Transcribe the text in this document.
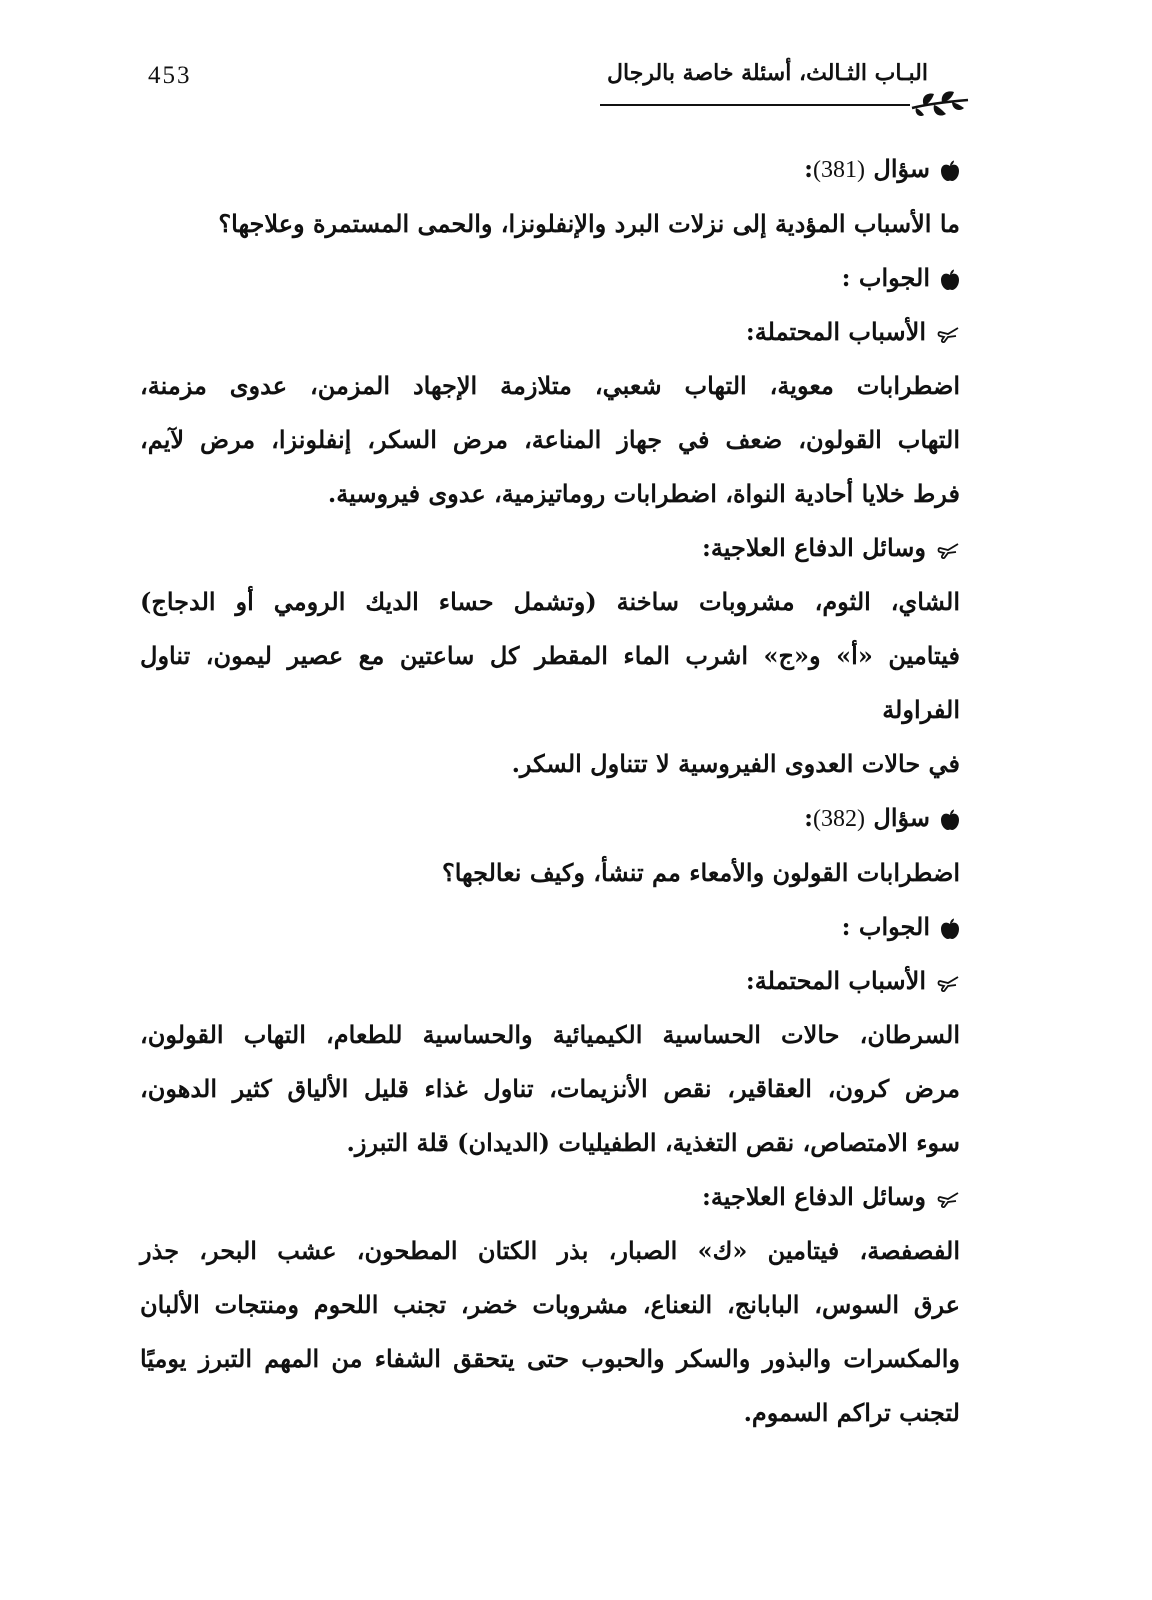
453	البـاب الثـالث، أسئلة خاصة بالرجال

سؤال (381):

ما الأسباب المؤدية إلى نزلات البرد والإنفلونزا، والحمى المستمرة وعلاجها؟

الجواب :

الأسباب المحتملة:

اضطرابات معوية، التهاب شعبي، متلازمة الإجهاد المزمن، عدوى مزمنة،

التهاب القولون، ضعف في جهاز المناعة، مرض السكر، إنفلونزا، مرض لآيم،

فرط خلايا أحادية النواة، اضطرابات روماتيزمية، عدوى فيروسية.

وسائل الدفاع العلاجية:

الشاي، الثوم، مشروبات ساخنة (وتشمل حساء الديك الرومي أو الدجاج)

فيتامين «أ» و«ج» اشرب الماء المقطر كل ساعتين مع عصير ليمون، تناول الفراولة

في حالات العدوى الفيروسية لا تتناول السكر.

سؤال (382):

اضطرابات القولون والأمعاء مم تنشأ، وكيف نعالجها؟

الجواب :

الأسباب المحتملة:

السرطان، حالات الحساسية الكيميائية والحساسية للطعام، التهاب القولون،

مرض كرون، العقاقير، نقص الأنزيمات، تناول غذاء قليل الألياق كثير الدهون،

سوء الامتصاص، نقص التغذية، الطفيليات (الديدان) قلة التبرز.

وسائل الدفاع العلاجية:

الفصفصة، فيتامين «ك» الصبار، بذر الكتان المطحون، عشب البحر، جذر

عرق السوس، البابانج، النعناع، مشروبات خضر، تجنب اللحوم ومنتجات الألبان

والمكسرات والبذور والسكر والحبوب حتى يتحقق الشفاء من المهم التبرز يوميًا

لتجنب تراكم السموم.
